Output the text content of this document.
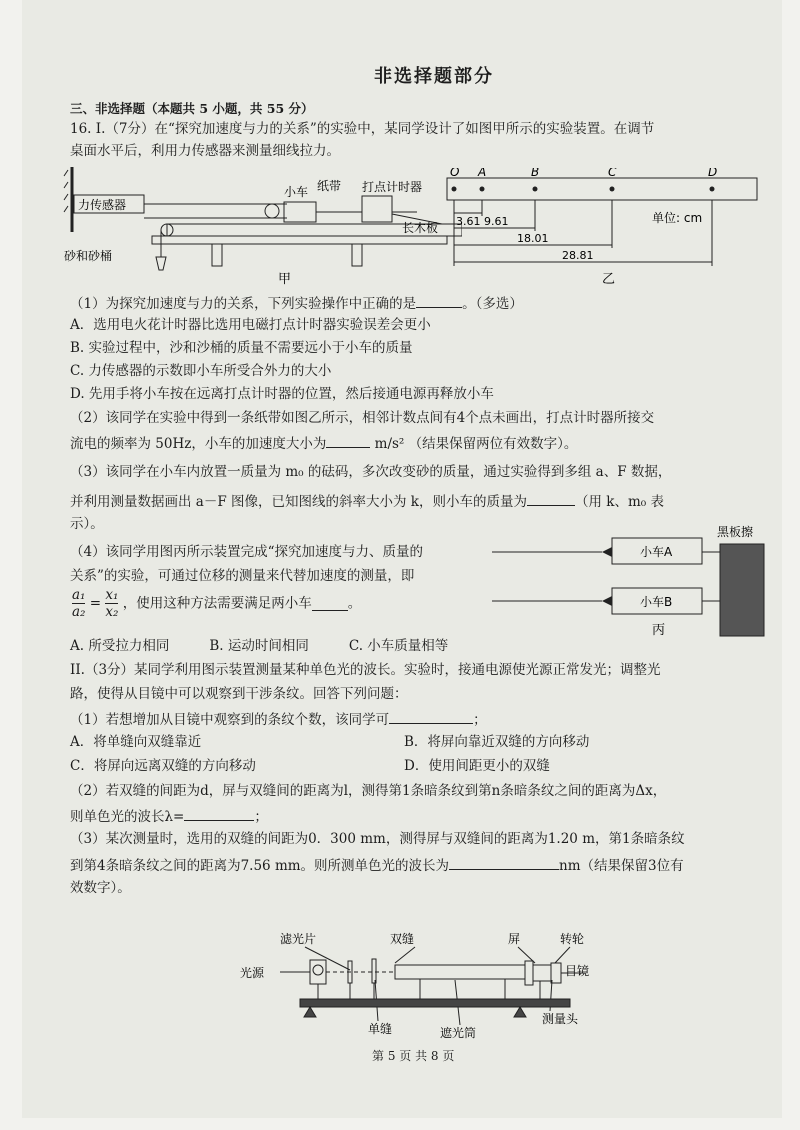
非选择题部分
三、非选择题（本题共 5 小题，共 55 分）
16. I.（7分）在“探究加速度与力的关系”的实验中，某同学设计了如图甲所示的实验装置。在调节
桌面水平后，利用力传感器来测量细线拉力。
力传感器
小车 纸带 打点计时器
长木板
砂和砂桶
甲
O A	B	C	D
单位: cm
3.61 9.61
18.01
28.81
乙
（1）为探究加速度与力的关系，下列实验操作中正确的是	。（多选）
A．选用电火花计时器比选用电磁打点计时器实验误差会更小
B. 实验过程中，沙和沙桶的质量不需要远小于小车的质量
C. 力传感器的示数即小车所受合外力的大小
D. 先用手将小车按在远离打点计时器的位置，然后接通电源再释放小车
（2）该同学在实验中得到一条纸带如图乙所示，相邻计数点间有4个点未画出，打点计时器所接交
流电的频率为 50Hz，小车的加速度大小为	m/s² （结果保留两位有效数字）。
（3）该同学在小车内放置一质量为 m₀ 的砝码，多次改变砂的质量，通过实验得到多组 a、F 数据，
并利用测量数据画出 a－F 图像，已知图线的斜率大小为 k，则小车的质量为	（用 k、m₀ 表
示）。
（4）该同学用图丙所示装置完成“探究加速度与力、质量的
关系”的实验，可通过位移的测量来代替加速度的测量，即
$\frac{\text{a₁}}{\text{a₂}} = \frac{\text{x₁}}{\text{x₂}}$ ，使用这种方法需要满足两小车	。
A. 所受拉力相同	B. 运动时间相同	C. 小车质量相等
黑板擦
小车A
小车B
丙
II.（3分）某同学利用图示装置测量某种单色光的波长。实验时，接通电源使光源正常发光；调整光
路，使得从目镜中可以观察到干涉条纹。回答下列问题：
（1）若想增加从目镜中观察到的条纹个数，该同学可	；
A．将单缝向双缝靠近	B．将屏向靠近双缝的方向移动
C．将屏向远离双缝的方向移动	D．使用间距更小的双缝
（2）若双缝的间距为d，屏与双缝间的距离为l，测得第1条暗条纹到第n条暗条纹之间的距离为Δx，
则单色光的波长λ=	；
（3）某次测量时，选用的双缝的间距为0．300 mm，测得屏与双缝间的距离为1.20 m，第1条暗条纹
到第4条暗条纹之间的距离为7.56 mm。则所测单色光的波长为	nm（结果保留3位有
效数字）。
滤光片	双缝	屏	转轮
光源	目镜
单缝	遮光筒
测量头
第 5 页 共 8 页
